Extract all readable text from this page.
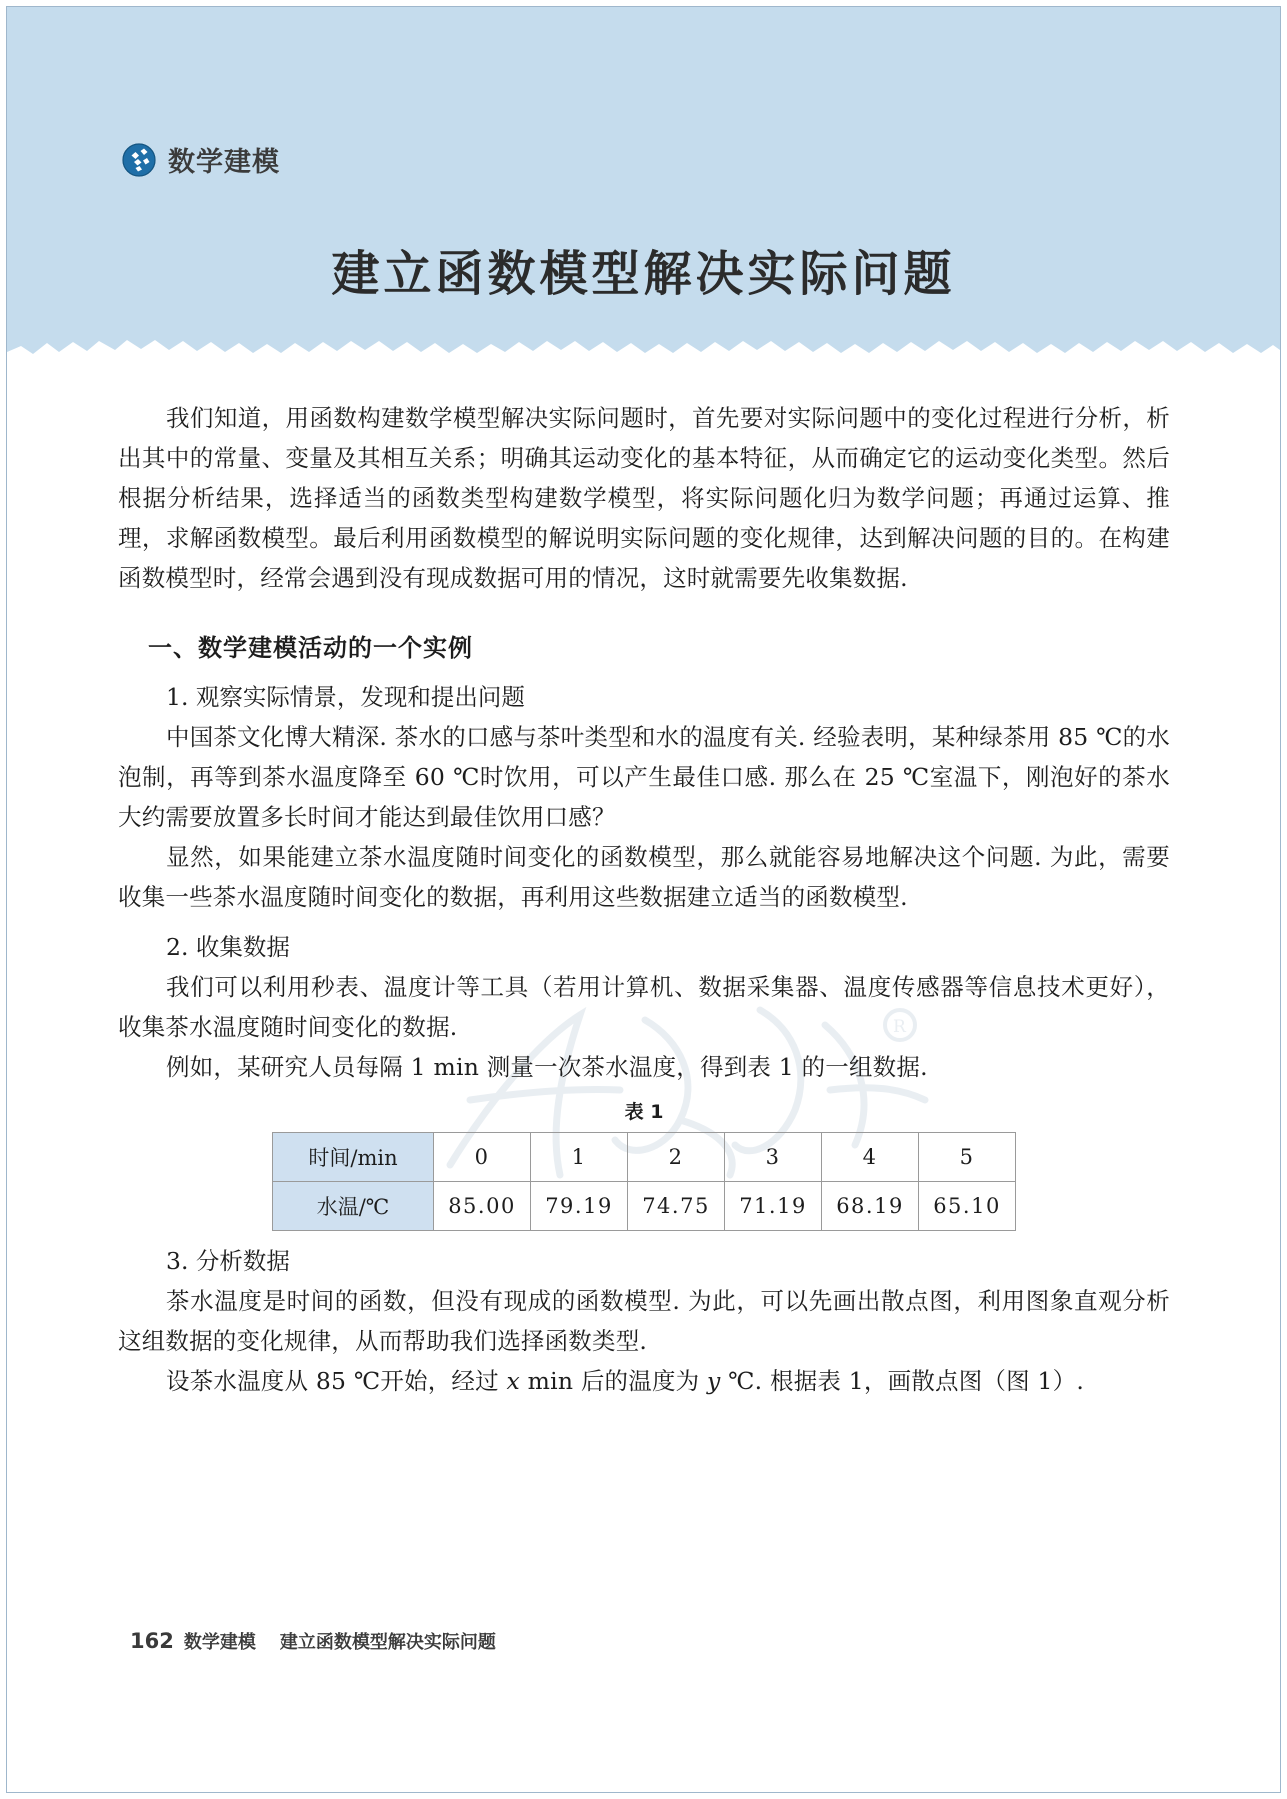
数学建模
建立函数模型解决实际问题
R

我们知道，用函数构建数学模型解决实际问题时，首先要对实际问题中的变化过程进行分析，析出其中的常量、变量及其相互关系；明确其运动变化的基本特征，从而确定它的运动变化类型。然后根据分析结果，选择适当的函数类型构建数学模型，将实际问题化归为数学问题；再通过运算、推理，求解函数模型。最后利用函数模型的解说明实际问题的变化规律，达到解决问题的目的。在构建函数模型时，经常会遇到没有现成数据可用的情况，这时就需要先收集数据.

一、数学建模活动的一个实例

1. 观察实际情景，发现和提出问题

中国茶文化博大精深. 茶水的口感与茶叶类型和水的温度有关. 经验表明，某种绿茶用 85 ℃的水泡制，再等到茶水温度降至 60 ℃时饮用，可以产生最佳口感. 那么在 25 ℃室温下，刚泡好的茶水大约需要放置多长时间才能达到最佳饮用口感？

显然，如果能建立茶水温度随时间变化的函数模型，那么就能容易地解决这个问题. 为此，需要收集一些茶水温度随时间变化的数据，再利用这些数据建立适当的函数模型.

2. 收集数据

我们可以利用秒表、温度计等工具（若用计算机、数据采集器、温度传感器等信息技术更好），收集茶水温度随时间变化的数据.

例如，某研究人员每隔 1 min 测量一次茶水温度，得到表 1 的一组数据.

表 1
时间/min	0	1	2	3	4	5
水温/℃	85.00	79.19	74.75	71.19	68.19	65.10

3. 分析数据

茶水温度是时间的函数，但没有现成的函数模型. 为此，可以先画出散点图，利用图象直观分析这组数据的变化规律，从而帮助我们选择函数类型.

设茶水温度从 85 ℃开始，经过 x min 后的温度为 y ℃. 根据表 1，画散点图（图 1）.

162 数学建模 建立函数模型解决实际问题
